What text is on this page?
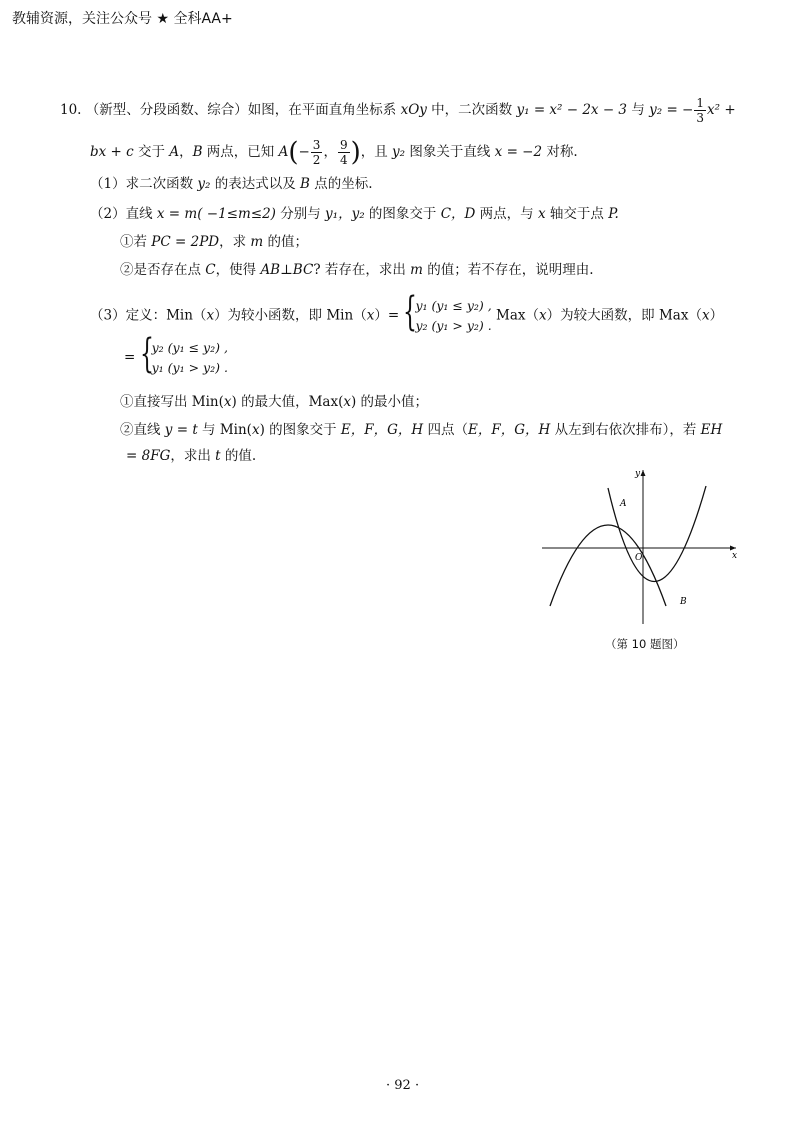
教辅资源，关注公众号 ★ 全科AA+
10. （新型、分段函数、综合）如图，在平面直角坐标系 xOy 中，二次函数 y₁ = x² − 2x − 3 与 y₂ = − $\frac{1}{3} x^2$ +
bx + c 交于 A，B 两点，已知 $A(- \frac{3}{2}$ ， $\frac{9}{4}$ )，且 y₂ 图象关于直线 x = −2 对称.
（1）求二次函数 y₂ 的表达式以及 B 点的坐标.
（2）直线 x = m( −1≤m≤2) 分别与 y₁，y₂ 的图象交于 C，D 两点，与 x 轴交于点 P.
①若 PC = 2PD，求 m 的值；
②是否存在点 C，使得 AB⊥BC? 若存在，求出 m 的值；若不存在，说明理由.
（3）定义：Min（x）为较小函数，即 Min（x）= {
y₁ (y₁ ≤ y₂) ,
y₂ (y₁ > y₂) .
Max（x）为较大函数，即 Max（x）
= {
y₂ (y₁ ≤ y₂) ,
y₁ (y₁ > y₂) .
①直接写出 Min(x) 的最大值，Max(x) 的最小值；
②直线 y = t 与 Min(x) 的图象交于 E，F，G，H 四点（E，F，G，H 从左到右依次排布），若 EH
= 8FG，求出 t 的值.
x
y
O
A
B
（第 10 题图）
· 92 ·
